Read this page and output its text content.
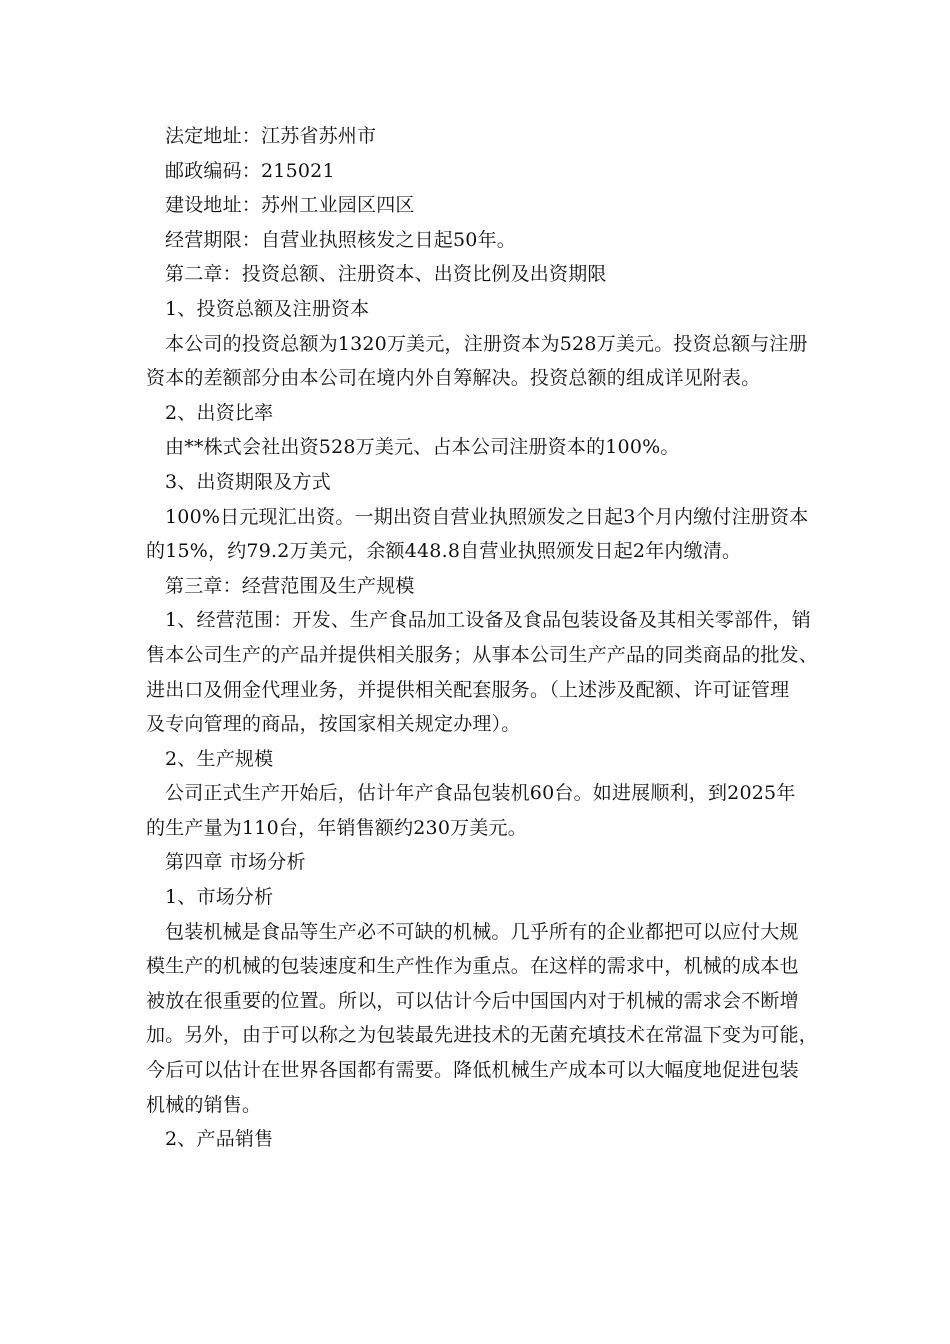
法定地址：江苏省苏州市
邮政编码：215021
建设地址：苏州工业园区四区
经营期限：自营业执照核发之日起50年。
第二章：投资总额、注册资本、出资比例及出资期限
1、投资总额及注册资本
本公司的投资总额为1320万美元，注册资本为528万美元。投资总额与注册
资本的差额部分由本公司在境内外自筹解决。投资总额的组成详见附表。
2、出资比率
由**株式会社出资528万美元、占本公司注册资本的100%。
3、出资期限及方式
100%日元现汇出资。一期出资自营业执照颁发之日起3个月内缴付注册资本
的15%，约79.2万美元，余额448.8自营业执照颁发日起2年内缴清。
第三章：经营范围及生产规模
1、经营范围：开发、生产食品加工设备及食品包装设备及其相关零部件，销
售本公司生产的产品并提供相关服务；从事本公司生产产品的同类商品的批发、
进出口及佣金代理业务，并提供相关配套服务。（上述涉及配额、许可证管理
及专向管理的商品，按国家相关规定办理）。
2、生产规模
公司正式生产开始后，估计年产食品包装机60台。如进展顺利，到2025年
的生产量为110台，年销售额约230万美元。
第四章 市场分析
1、市场分析
包装机械是食品等生产必不可缺的机械。几乎所有的企业都把可以应付大规
模生产的机械的包装速度和生产性作为重点。在这样的需求中，机械的成本也
被放在很重要的位置。所以，可以估计今后中国国内对于机械的需求会不断增
加。另外，由于可以称之为包装最先进技术的无菌充填技术在常温下变为可能，
今后可以估计在世界各国都有需要。降低机械生产成本可以大幅度地促进包装
机械的销售。
2、产品销售
